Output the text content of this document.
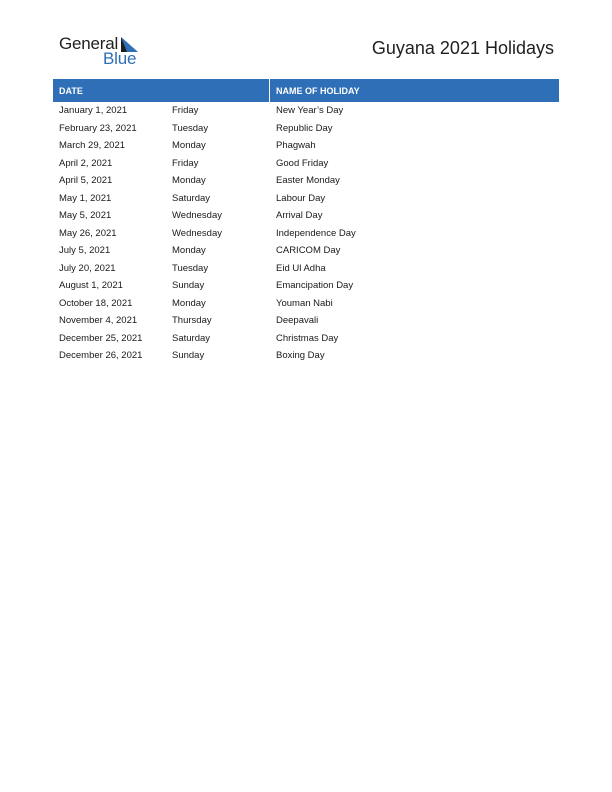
General
Blue
Guyana 2021 Holidays
DATE	NAME OF HOLIDAY
January 1, 2021	Friday	New Year’s Day
February 23, 2021	Tuesday	Republic Day
March 29, 2021	Monday	Phagwah
April 2, 2021	Friday	Good Friday
April 5, 2021	Monday	Easter Monday
May 1, 2021	Saturday	Labour Day
May 5, 2021	Wednesday	Arrival Day
May 26, 2021	Wednesday	Independence Day
July 5, 2021	Monday	CARICOM Day
July 20, 2021	Tuesday	Eid Ul Adha
August 1, 2021	Sunday	Emancipation Day
October 18, 2021	Monday	Youman Nabi
November 4, 2021	Thursday	Deepavali
December 25, 2021	Saturday	Christmas Day
December 26, 2021	Sunday	Boxing Day
